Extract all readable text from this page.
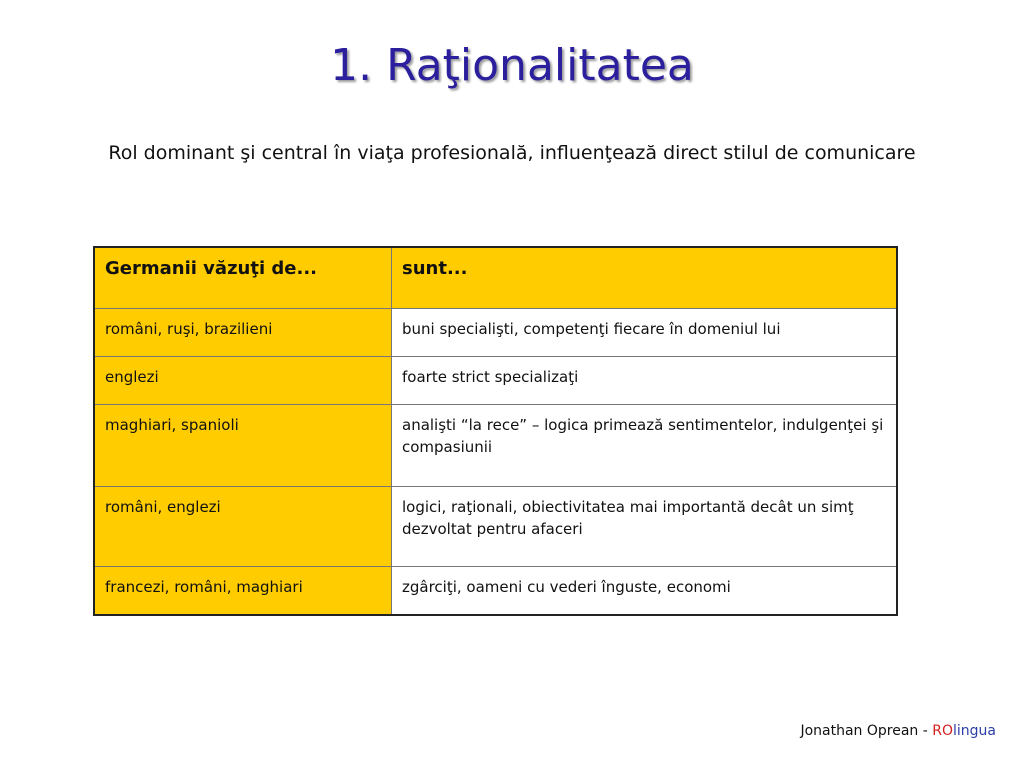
1. Raţionalitatea
Rol dominant şi central în viaţa profesională, influenţează direct stilul de comunicare
Germanii văzuţi de...	sunt...
români, ruşi, brazilieni	buni specialişti, competenţi fiecare în domeniul lui
englezi	foarte strict specializaţi
maghiari, spanioli	analişti “la rece” – logica primează sentimentelor, indulgenţei şi compasiunii
români, englezi	logici, raţionali, obiectivitatea mai importantă decât un simţ dezvoltat pentru afaceri
francezi, români, maghiari	zgârciţi, oameni cu vederi înguste, economi
Jonathan Oprean - ROlingua
